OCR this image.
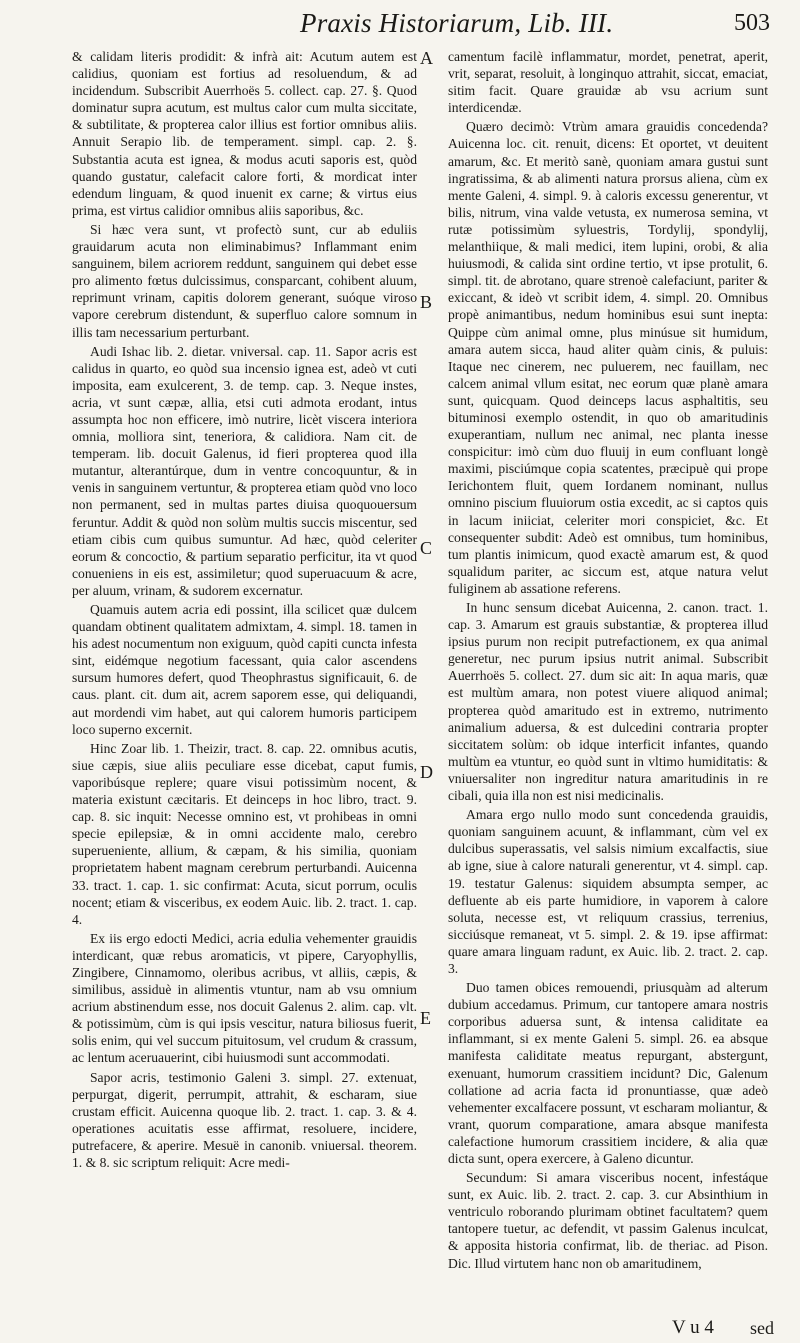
Praxis Historiarum, Lib. III.	503

& calidam literis prodidit: & infrà ait: Acutum autem est calidius, quoniam est fortius ad resoluendum, & ad incidendum. Subscribit Auerrhoës 5. collect. cap. 27. §. Quod dominatur supra acutum, est multus calor cum multa siccitate, & subtilitate, & propterea calor illius est fortior omnibus aliis. Annuit Serapio lib. de temperament. simpl. cap. 2. §. Substantia acuta est ignea, & modus acuti saporis est, quòd quando gustatur, calefacit calore forti, & mordicat inter edendum linguam, & quod inuenit ex carne; & virtus eius prima, est virtus calidior omnibus aliis saporibus, &c.

Si hæc vera sunt, vt profectò sunt, cur ab eduliis grauidarum acuta non eliminabimus? Inflammant enim sanguinem, bilem acriorem reddunt, sanguinem qui debet esse pro alimento fœtus dulcissimus, consparcant, cohibent aluum, reprimunt vrinam, capitis dolorem generant, suóque viroso vapore cerebrum distendunt, & superfluo calore somnum in illis tam necessarium perturbant.

Audi Ishac lib. 2. dietar. vniversal. cap. 11. Sapor acris est calidus in quarto, eo quòd sua incensio ignea est, adeò vt cuti imposita, eam exulcerent, 3. de temp. cap. 3. Neque instes, acria, vt sunt cæpæ, allia, etsi cuti admota erodant, intus assumpta hoc non efficere, imò nutrire, licèt viscera interiora omnia, molliora sint, teneriora, & calidiora. Nam cit. de temperam. lib. docuit Galenus, id fieri propterea quod illa mutantur, alterantúrque, dum in ventre concoquuntur, & in venis in sanguinem vertuntur, & propterea etiam quòd vno loco non permanent, sed in multas partes diuisa quoquouersum feruntur. Addit & quòd non solùm multis succis miscentur, sed etiam cibis cum quibus sumuntur. Ad hæc, quòd celeriter eorum & concoctio, & partium separatio perficitur, ita vt quod conueniens in eis est, assimiletur; quod superuacuum & acre, per aluum, vrinam, & sudorem excernatur.

Quamuis autem acria edi possint, illa scilicet quæ dulcem quandam obtinent qualitatem admixtam, 4. simpl. 18. tamen in his adest nocumentum non exiguum, quòd capiti cuncta infesta sint, eidémque negotium facessant, quia calor ascendens sursum humores defert, quod Theophrastus significauit, 6. de caus. plant. cit. dum ait, acrem saporem esse, qui deliquandi, aut mordendi vim habet, aut qui calorem humoris participem loco superno excernit.

Hinc Zoar lib. 1. Theizir, tract. 8. cap. 22. omnibus acutis, siue cæpis, siue aliis peculiare esse dicebat, caput fumis, vaporibúsque replere; quare visui potissimùm nocent, & materia existunt cæcitaris. Et deinceps in hoc libro, tract. 9. cap. 8. sic inquit: Necesse omnino est, vt prohibeas in omni specie epilepsiæ, & in omni accidente malo, cerebro superueniente, allium, & cæpam, & his similia, quoniam proprietatem habent magnam cerebrum perturbandi. Auicenna 33. tract. 1. cap. 1. sic confirmat: Acuta, sicut porrum, oculis nocent; etiam & visceribus, ex eodem Auic. lib. 2. tract. 1. cap. 4.

Ex iis ergo edocti Medici, acria edulia vehementer grauidis interdicant, quæ rebus aromaticis, vt pipere, Caryophyllis, Zingibere, Cinnamomo, oleribus acribus, vt alliis, cæpis, & similibus, assiduè in alimentis vtuntur, nam ab vsu omnium acrium abstinendum esse, nos docuit Galenus 2. alim. cap. vlt. & potissimùm, cùm is qui ipsis vescitur, natura biliosus fuerit, solis enim, qui vel succum pituitosum, vel crudum & crassum, ac lentum aceruauerint, cibi huiusmodi sunt accommodati.

Sapor acris, testimonio Galeni 3. simpl. 27. extenuat, perpurgat, digerit, perrumpit, attrahit, & escharam, siue crustam efficit. Auicenna quoque lib. 2. tract. 1. cap. 3. & 4. operationes acuitatis esse affirmat, resoluere, incidere, putrefacere, & aperire. Mesuë in canonib. vniuersal. theorem. 1. & 8. sic scriptum reliquit: Acre medi-

A
B
C
D
E

camentum facilè inflammatur, mordet, penetrat, aperit, vrit, separat, resoluit, à longinquo attrahit, siccat, emaciat, sitim facit. Quare grauidæ ab vsu acrium sunt interdicendæ.

Quæro decimò: Vtrùm amara grauidis concedenda? Auicenna loc. cit. renuit, dicens: Et oportet, vt deuitent amarum, &c. Et meritò sanè, quoniam amara gustui sunt ingratissima, & ab alimenti natura prorsus aliena, cùm ex mente Galeni, 4. simpl. 9. à caloris excessu generentur, vt bilis, nitrum, vina valde vetusta, ex numerosa semina, vt rutæ potissimùm syluestris, Tordylij, spondylij, melanthiique, & mali medici, item lupini, orobi, & alia huiusmodi, & calida sint ordine tertio, vt ipse protulit, 6. simpl. tit. de abrotano, quare strenoè calefaciunt, pariter & exiccant, & ideò vt scribit idem, 4. simpl. 20. Omnibus propè animantibus, nedum hominibus esui sunt inepta: Quippe cùm animal omne, plus minúsue sit humidum, amara autem sicca, haud aliter quàm cinis, & puluis: Itaque nec cinerem, nec puluerem, nec fauillam, nec calcem animal vllum esitat, nec eorum quæ planè amara sunt, quicquam. Quod deinceps lacus asphaltitis, seu bituminosi exemplo ostendit, in quo ob amaritudinis exuperantiam, nullum nec animal, nec planta inesse conspicitur: imò cùm duo fluuij in eum confluant longè maximi, pisciúmque copia scatentes, præcipuè qui prope Ierichontem fluit, quem Iordanem nominant, nullus omnino piscium fluuiorum ostia excedit, ac si captos quis in lacum iniiciat, celeriter mori conspiciet, &c. Et consequenter subdit: Adeò est omnibus, tum hominibus, tum plantis inimicum, quod exactè amarum est, & quod squalidum pariter, ac siccum est, atque natura velut fuliginem ab assatione referens.

In hunc sensum dicebat Auicenna, 2. canon. tract. 1. cap. 3. Amarum est grauis substantiæ, & propterea illud ipsius purum non recipit putrefactionem, ex qua animal generetur, nec purum ipsius nutrit animal. Subscribit Auerrhoës 5. collect. 27. dum sic ait: In aqua maris, quæ est multùm amara, non potest viuere aliquod animal; propterea quòd amaritudo est in extremo, nutrimento animalium aduersa, & est dulcedini contraria propter siccitatem solùm: ob idque interficit infantes, quando multùm ea vtuntur, eo quòd sunt in vltimo humiditatis: & vniuersaliter non ingreditur natura amaritudinis in re cibali, quia illa non est nisi medicinalis.

Amara ergo nullo modo sunt concedenda grauidis, quoniam sanguinem acuunt, & inflammant, cùm vel ex dulcibus superassatis, vel salsis nimium excalfactis, siue ab igne, siue à calore naturali generentur, vt 4. simpl. cap. 19. testatur Galenus: siquidem absumpta semper, ac defluente ab eis parte humidiore, in vaporem à calore soluta, necesse est, vt reliquum crassius, terrenius, sicciúsque remaneat, vt 5. simpl. 2. & 19. ipse affirmat: quare amara linguam radunt, ex Auic. lib. 2. tract. 2. cap. 3.

Duo tamen obices remouendi, priusquàm ad alterum dubium accedamus. Primum, cur tantopere amara nostris corporibus aduersa sunt, & intensa caliditate ea inflammant, si ex mente Galeni 5. simpl. 26. ea absque manifesta caliditate meatus repurgant, abstergunt, exenuant, humorum crassitiem incidunt? Dic, Galenum collatione ad acria facta id pronuntiasse, quæ adeò vehementer excalfacere possunt, vt escharam moliantur, & vrant, quorum comparatione, amara absque manifesta calefactione humorum crassitiem incidere, & alia quæ dicta sunt, opera exercere, à Galeno dicuntur.

Secundum: Si amara visceribus nocent, infestáque sunt, ex Auic. lib. 2. tract. 2. cap. 3. cur Absinthium in ventriculo roborando plurimam obtinet facultatem? quem tantopere tuetur, ac defendit, vt passim Galenus inculcat, & apposita historia confirmat, lib. de theriac. ad Pison. Dic. Illud virtutem hanc non ob amaritudinem,

V u 4 sed
